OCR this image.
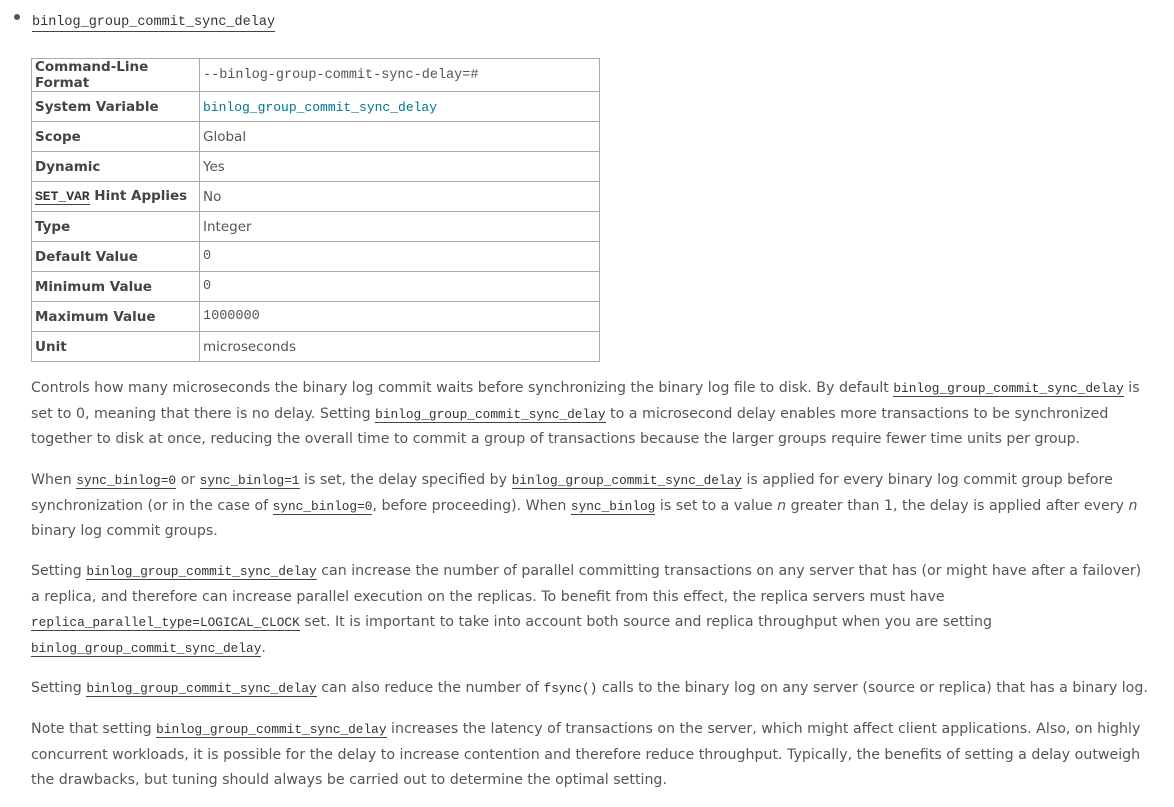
binlog_group_commit_sync_delay
Command-Line Format	--binlog-group-commit-sync-delay=#
System Variable	binlog_group_commit_sync_delay
Scope	Global
Dynamic	Yes
SET_VAR Hint Applies	No
Type	Integer
Default Value	0
Minimum Value	0
Maximum Value	1000000
Unit	microseconds

Controls how many microseconds the binary log commit waits before synchronizing the binary log file to disk. By default binlog_group_commit_sync_delay is set to 0, meaning that there is no delay. Setting binlog_group_commit_sync_delay to a microsecond delay enables more transactions to be synchronized together to disk at once, reducing the overall time to commit a group of transactions because the larger groups require fewer time units per group.

When sync_binlog=0 or sync_binlog=1 is set, the delay specified by binlog_group_commit_sync_delay is applied for every binary log commit group before synchronization (or in the case of sync_binlog=0, before proceeding). When sync_binlog is set to a value n greater than 1, the delay is applied after every n binary log commit groups.

Setting binlog_group_commit_sync_delay can increase the number of parallel committing transactions on any server that has (or might have after a failover) a replica, and therefore can increase parallel execution on the replicas. To benefit from this effect, the replica servers must have replica_parallel_type=LOGICAL_CLOCK set. It is important to take into account both source and replica throughput when you are setting binlog_group_commit_sync_delay.

Setting binlog_group_commit_sync_delay can also reduce the number of fsync() calls to the binary log on any server (source or replica) that has a binary log.

Note that setting binlog_group_commit_sync_delay increases the latency of transactions on the server, which might affect client applications. Also, on highly concurrent workloads, it is possible for the delay to increase contention and therefore reduce throughput. Typically, the benefits of setting a delay outweigh the drawbacks, but tuning should always be carried out to determine the optimal setting.
